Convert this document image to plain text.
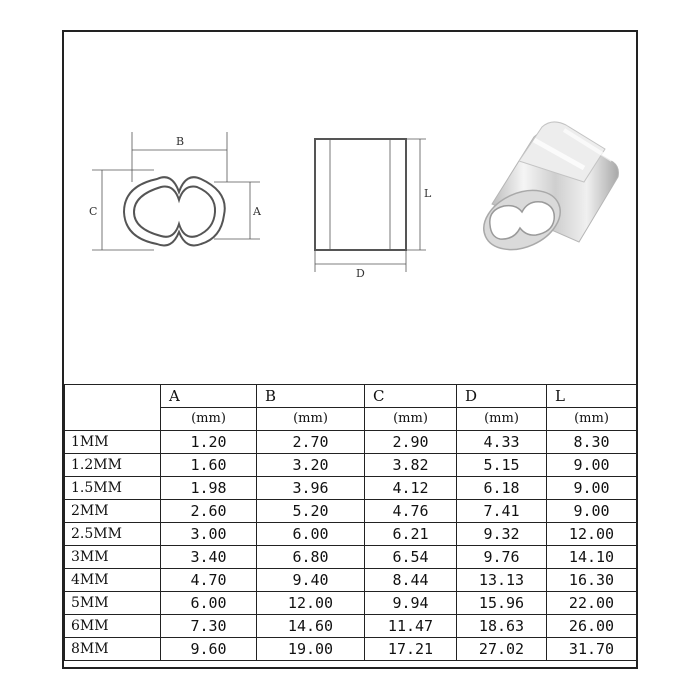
B
C	A
L
D
	A	B	C	D	L
	(mm)	(mm)	(mm)	(mm)	(mm)
1MM	1.20	2.70	2.90	4.33	8.30
1.2MM	1.60	3.20	3.82	5.15	9.00
1.5MM	1.98	3.96	4.12	6.18	9.00
2MM	2.60	5.20	4.76	7.41	9.00
2.5MM	3.00	6.00	6.21	9.32	12.00
3MM	3.40	6.80	6.54	9.76	14.10
4MM	4.70	9.40	8.44	13.13	16.30
5MM	6.00	12.00	9.94	15.96	22.00
6MM	7.30	14.60	11.47	18.63	26.00
8MM	9.60	19.00	17.21	27.02	31.70
